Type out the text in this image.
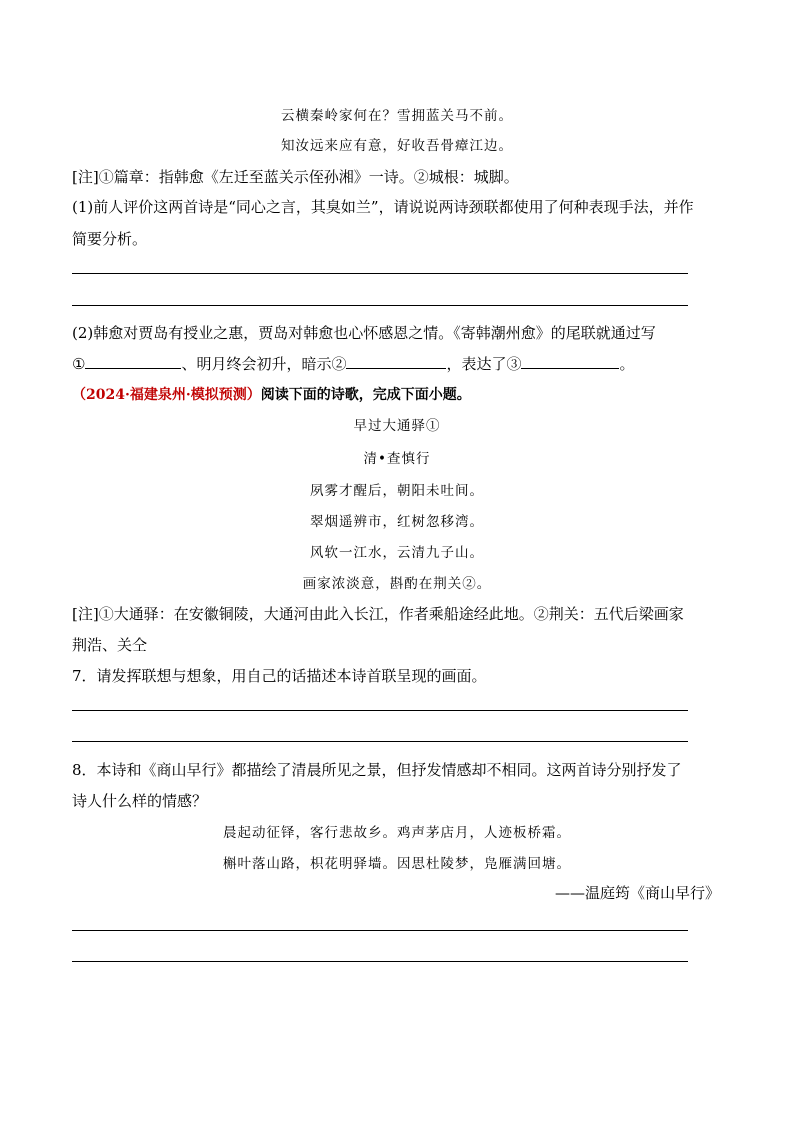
云横秦岭家何在？雪拥蓝关马不前。
知汝远来应有意，好收吾骨瘴江边。
[注]①篇章：指韩愈《左迁至蓝关示侄孙湘》一诗。②城根：城脚。
(1)前人评价这两首诗是“同心之言，其臭如兰”，请说说两诗颈联都使用了何种表现手法，并作
简要分析。
(2)韩愈对贾岛有授业之惠，贾岛对韩愈也心怀感恩之情。《寄韩潮州愈》的尾联就通过写
①	、明月终会初升，暗示②	，表达了③	。
（2024·福建泉州·模拟预测）阅读下面的诗歌，完成下面小题。
早过大通驿①
清•查慎行
夙雾才醒后，朝阳未吐间。
翠烟遥辨市，红树忽移湾。
风软一江水，云清九子山。
画家浓淡意，斟酌在荆关②。
[注]①大通驿：在安徽铜陵，大通河由此入长江，作者乘船途经此地。②荆关：五代后梁画家
荆浩、关仝
7．请发挥联想与想象，用自己的话描述本诗首联呈现的画面。
8．本诗和《商山早行》都描绘了清晨所见之景，但抒发情感却不相同。这两首诗分别抒发了
诗人什么样的情感？
晨起动征铎，客行悲故乡。鸡声茅店月，人迹板桥霜。
槲叶落山路，枳花明驿墙。因思杜陵梦，凫雁满回塘。
——温庭筠《商山早行》
